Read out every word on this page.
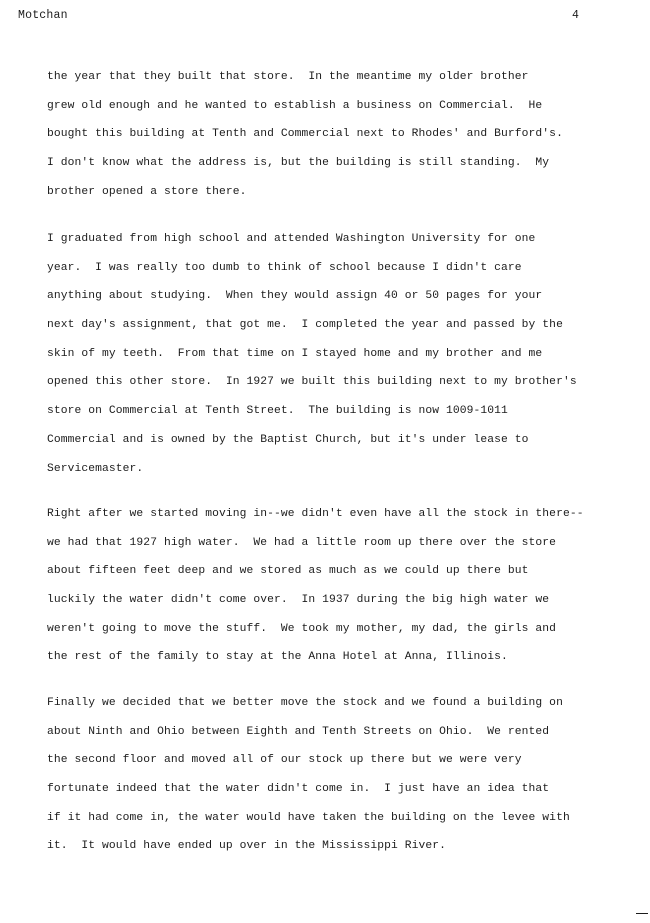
Motchan	4
the year that they built that store.  In the meantime my older brother
grew old enough and he wanted to establish a business on Commercial.  He
bought this building at Tenth and Commercial next to Rhodes' and Burford's.
I don't know what the address is, but the building is still standing.  My
brother opened a store there.
I graduated from high school and attended Washington University for one
year.  I was really too dumb to think of school because I didn't care
anything about studying.  When they would assign 40 or 50 pages for your
next day's assignment, that got me.  I completed the year and passed by the
skin of my teeth.  From that time on I stayed home and my brother and me
opened this other store.  In 1927 we built this building next to my brother's
store on Commercial at Tenth Street.  The building is now 1009-1011
Commercial and is owned by the Baptist Church, but it's under lease to
Servicemaster.
Right after we started moving in--we didn't even have all the stock in there--
we had that 1927 high water.  We had a little room up there over the store
about fifteen feet deep and we stored as much as we could up there but
luckily the water didn't come over.  In 1937 during the big high water we
weren't going to move the stuff.  We took my mother, my dad, the girls and
the rest of the family to stay at the Anna Hotel at Anna, Illinois.
Finally we decided that we better move the stock and we found a building on
about Ninth and Ohio between Eighth and Tenth Streets on Ohio.  We rented
the second floor and moved all of our stock up there but we were very
fortunate indeed that the water didn't come in.  I just have an idea that
if it had come in, the water would have taken the building on the levee with
it.  It would have ended up over in the Mississippi River.
